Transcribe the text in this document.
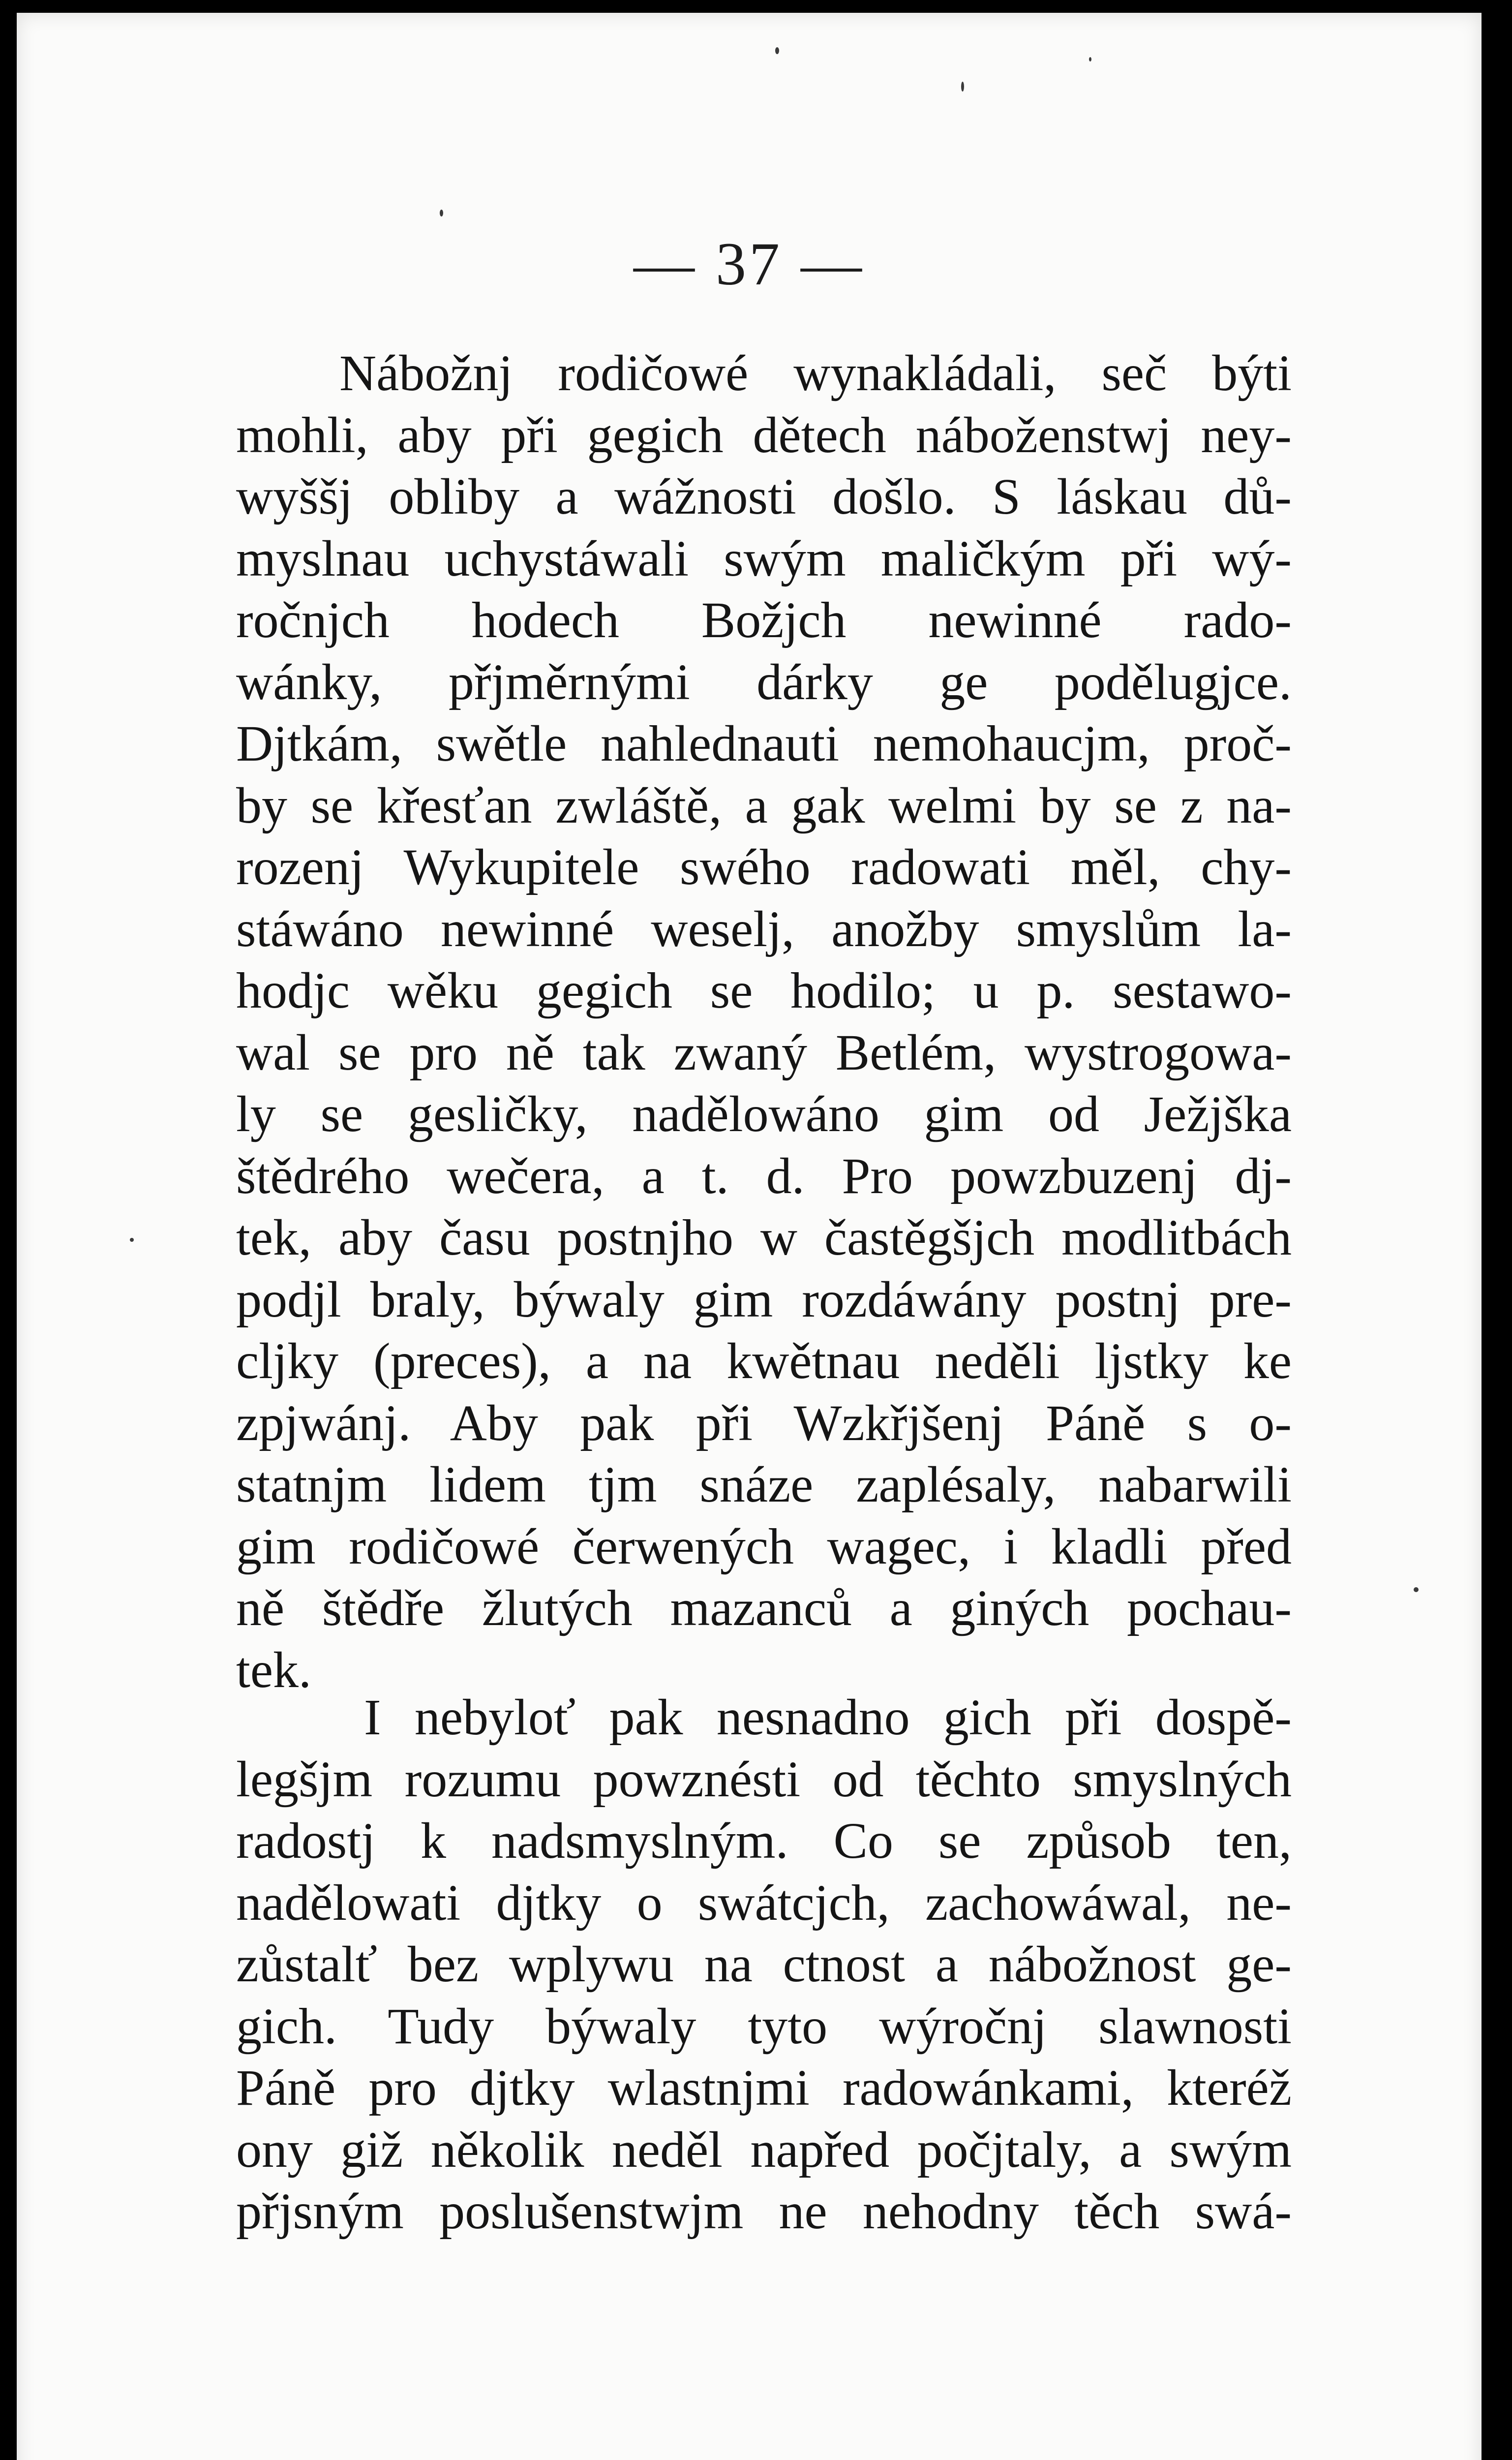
— 37 —
Nábožnj rodičowé wynakládali, seč býti
mohli, aby při gegich dětech náboženstwj ney-
wyššj obliby a wážnosti došlo. S láskau dů-
myslnau uchystáwali swým maličkým při wý-
ročnjch hodech Božjch newinné rado-
wánky, přjměrnými dárky ge podělugjce.
Djtkám, swětle nahlednauti nemohaucjm, proč-
by se křesťan zwláště, a gak welmi by se z na-
rozenj Wykupitele swého radowati měl, chy-
stáwáno newinné weselj, anožby smyslům la-
hodjc wěku gegich se hodilo; u p. sestawo-
wal se pro ně tak zwaný Betlém, wystrogowa-
ly se gesličky, nadělowáno gim od Ježjška
štědrého wečera, a t. d. Pro powzbuzenj dj-
tek, aby času postnjho w častěgšjch modlitbách
podjl braly, býwaly gim rozdáwány postnj pre-
cljky (preces), a na kwětnau neděli ljstky ke
zpjwánj. Aby pak při Wzkřjšenj Páně s o-
statnjm lidem tjm snáze zaplésaly, nabarwili
gim rodičowé čerwených wagec, i kladli před
ně štědře žlutých mazanců a giných pochau-
tek.
I nebyloť pak nesnadno gich při dospě-
legšjm rozumu powznésti od těchto smyslných
radostj k nadsmyslným. Co se způsob ten,
nadělowati djtky o swátcjch, zachowáwal, ne-
zůstalť bez wplywu na ctnost a nábožnost ge-
gich. Tudy býwaly tyto wýročnj slawnosti
Páně pro djtky wlastnjmi radowánkami, kteréž
ony giž několik neděl napřed počjtaly, a swým
přjsným poslušenstwjm ne nehodny těch swá-
